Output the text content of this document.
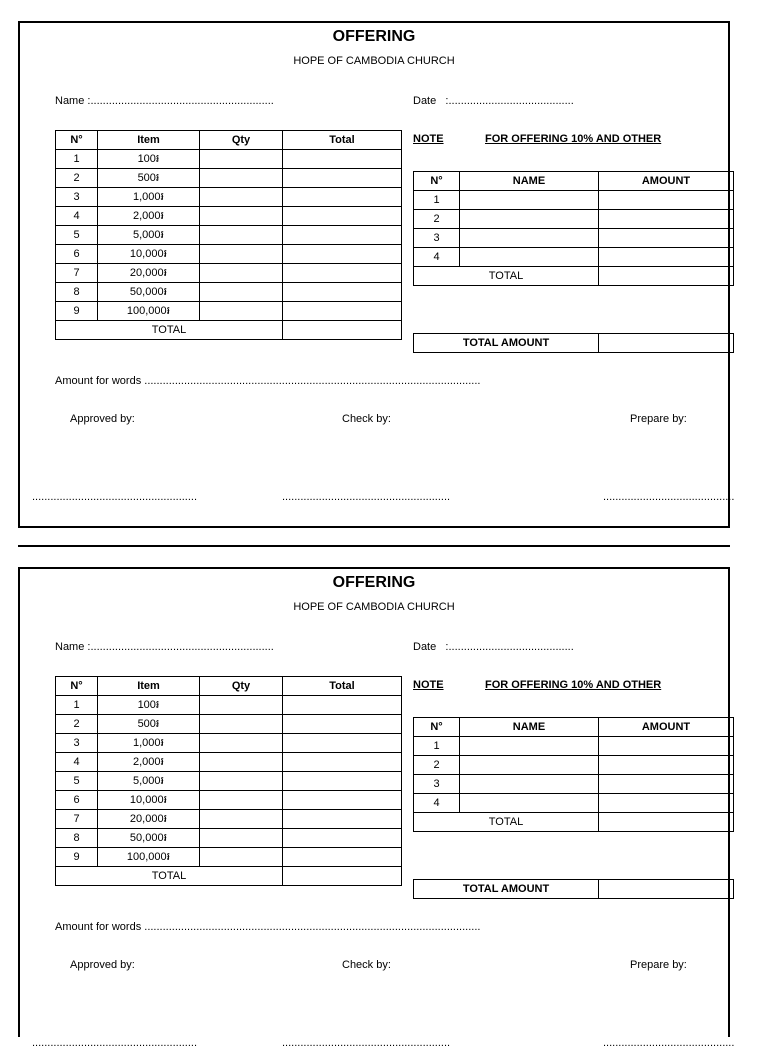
OFFERING
HOPE OF CAMBODIA CHURCH
Name :............................................................	Date :.........................................
N°	Item	Qty	Total
1	100៛		
2	500៛		
3	1,000៛		
4	2,000៛		
5	5,000៛		
6	10,000៛		
7	20,000៛		
8	50,000៛		
9	100,000៛		
TOTAL			
NOTE	FOR OFFERING 10% AND OTHER
N°	NAME	AMOUNT
1		
2		
3		
4		
TOTAL		
TOTAL AMOUNT	
Amount for words ..............................................................................................................
Approved by:	Check by:	Prepare by:
......................................................	.......................................................	...........................................
OFFERING
HOPE OF CAMBODIA CHURCH
Name :............................................................	Date :.........................................
N°	Item	Qty	Total
1	100៛		
2	500៛		
3	1,000៛		
4	2,000៛		
5	5,000៛		
6	10,000៛		
7	20,000៛		
8	50,000៛		
9	100,000៛		
TOTAL			
NOTE	FOR OFFERING 10% AND OTHER
N°	NAME	AMOUNT
1		
2		
3		
4		
TOTAL		
TOTAL AMOUNT	
Amount for words ..............................................................................................................
Approved by:	Check by:	Prepare by:
......................................................	.......................................................	...........................................
